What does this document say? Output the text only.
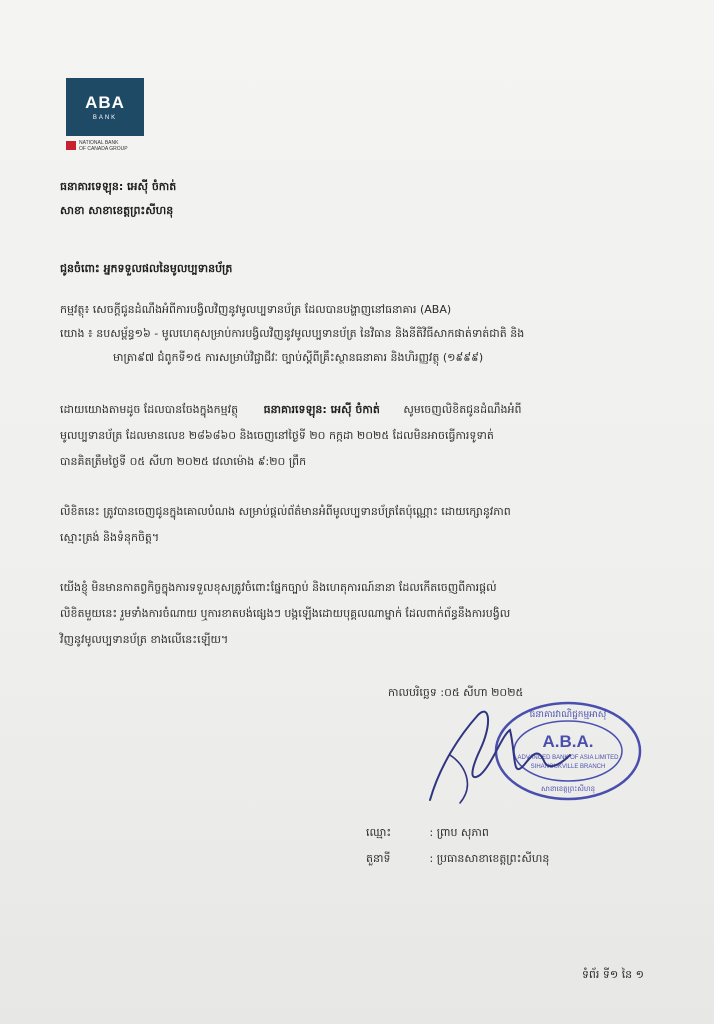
ABA
BANK
NATIONAL BANK
OF CANADA GROUP
ធនាគារទេឡុន: អេស៊ី ចំកាត់
សាខា សាខាខេត្តព្រះសីហនុ
ជូនចំពោះ អ្នកទទួលផលនៃមូលប្បទានប័ត្រ
កម្មវត្ថុ៖ សេចក្តីជូនដំណឹងអំពីការបង្វិលវិញនូវមូលប្បទានប័ត្រ ដែលបានបង្ហាញនៅធនាគារ (ABA)
យោង ៖ នបសម្ព័ន្ធ១៦ - មូលហេតុសម្រាប់ការបង្វិលវិញនូវមូលប្បទានប័ត្រ នៃវិធាន និងនីតិវិធីសាកផាត់ទាត់ជាតិ និង
មាត្រា៩៧ ជំពូកទី១៥ ការសម្រាប់វិជ្ជាជីវៈ ច្បាប់ស្តីពីគ្រឹះស្ថានធនាគារ និងហិរញ្ញវត្ថុ (១៩៩៩)
ដោយយោងតាមដូច ដែលបានចែងក្នុងកម្មវត្ថុ ធនាគារទេឡុន: អេស៊ី ចំកាត់ សូមចេញលិខិតជូនដំណឹងអំពី
មូលប្បទានប័ត្រ ដែលមានលេខ ២៨៦៨៦០ និងចេញនៅថ្ងៃទី ២០ កក្កដា ២០២៥ ដែលមិនអាចធ្វើការទូទាត់
បានគិតត្រឹមថ្ងៃទី ០៥ សីហា ២០២៥ វេលាម៉ោង ៩:២០ ព្រឹក
លិខិតនេះ ត្រូវបានចេញជូនក្នុងគោលបំណង សម្រាប់ផ្តល់ព័ត៌មានអំពីមូលប្បទានប័ត្រតែប៉ុណ្ណោះ ដោយក្សោនូវភាព
ស្មោះត្រង់ និងទំនុកចិត្ត។
យើងខ្ញុំ មិនមានកាតព្វកិច្ចក្នុងការទទួលខុសត្រូវចំពោះផ្នែកច្បាប់ និងហេតុការណ៍នានា ដែលកើតចេញពីការផ្តល់
លិខិតមួយនេះ រួមទាំងការចំណាយ ឬការខាតបង់ផ្សេងៗ បង្កឡើងដោយបុគ្គលណាម្នាក់ ដែលពាក់ព័ន្ធនឹងការបង្វិល
វិញនូវមូលប្បទានប័ត្រ ខាងលើនេះឡើយ។
កាលបរិច្ឆេទ :០៥ សីហា ២០២៥
ធនាគារវាណិជ្ជកម្មអាស៊ី
A.B.A.
ADVANCED BANK OF ASIA LIMITED
SIHANOUKVILLE BRANCH
សាខាខេត្តព្រះសីហនុ
ឈ្មោះ	: ព្រាប សុភាព
តួនាទី	: ប្រធានសាខាខេត្តព្រះសីហនុ
ទំព័រ ទី១ នៃ ១
